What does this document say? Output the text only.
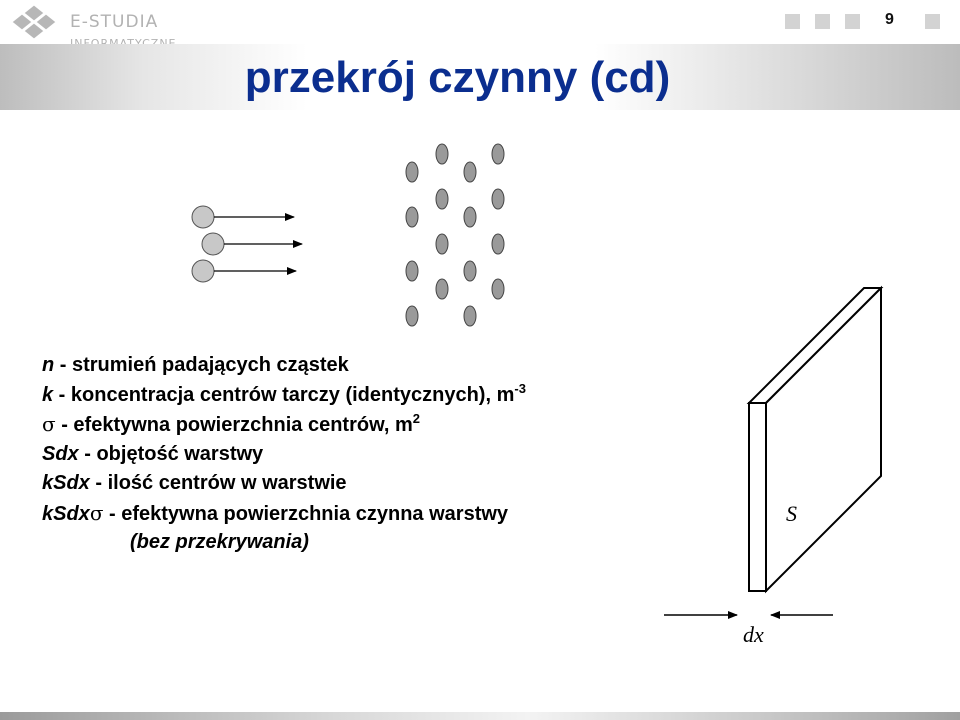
E-STUDIA	9
przekrój czynny (cd)
S
dx
n - strumień padających cząstek
k - koncentracja centrów tarczy (identycznych), $m^{-3}$
σ - efektywna powierzchnia centrów, $m^2$
Sdx - objętość warstwy
kSdx - ilość centrów w warstwie
kSdxσ - efektywna powierzchnia czynna warstwy
(bez przekrywania)
